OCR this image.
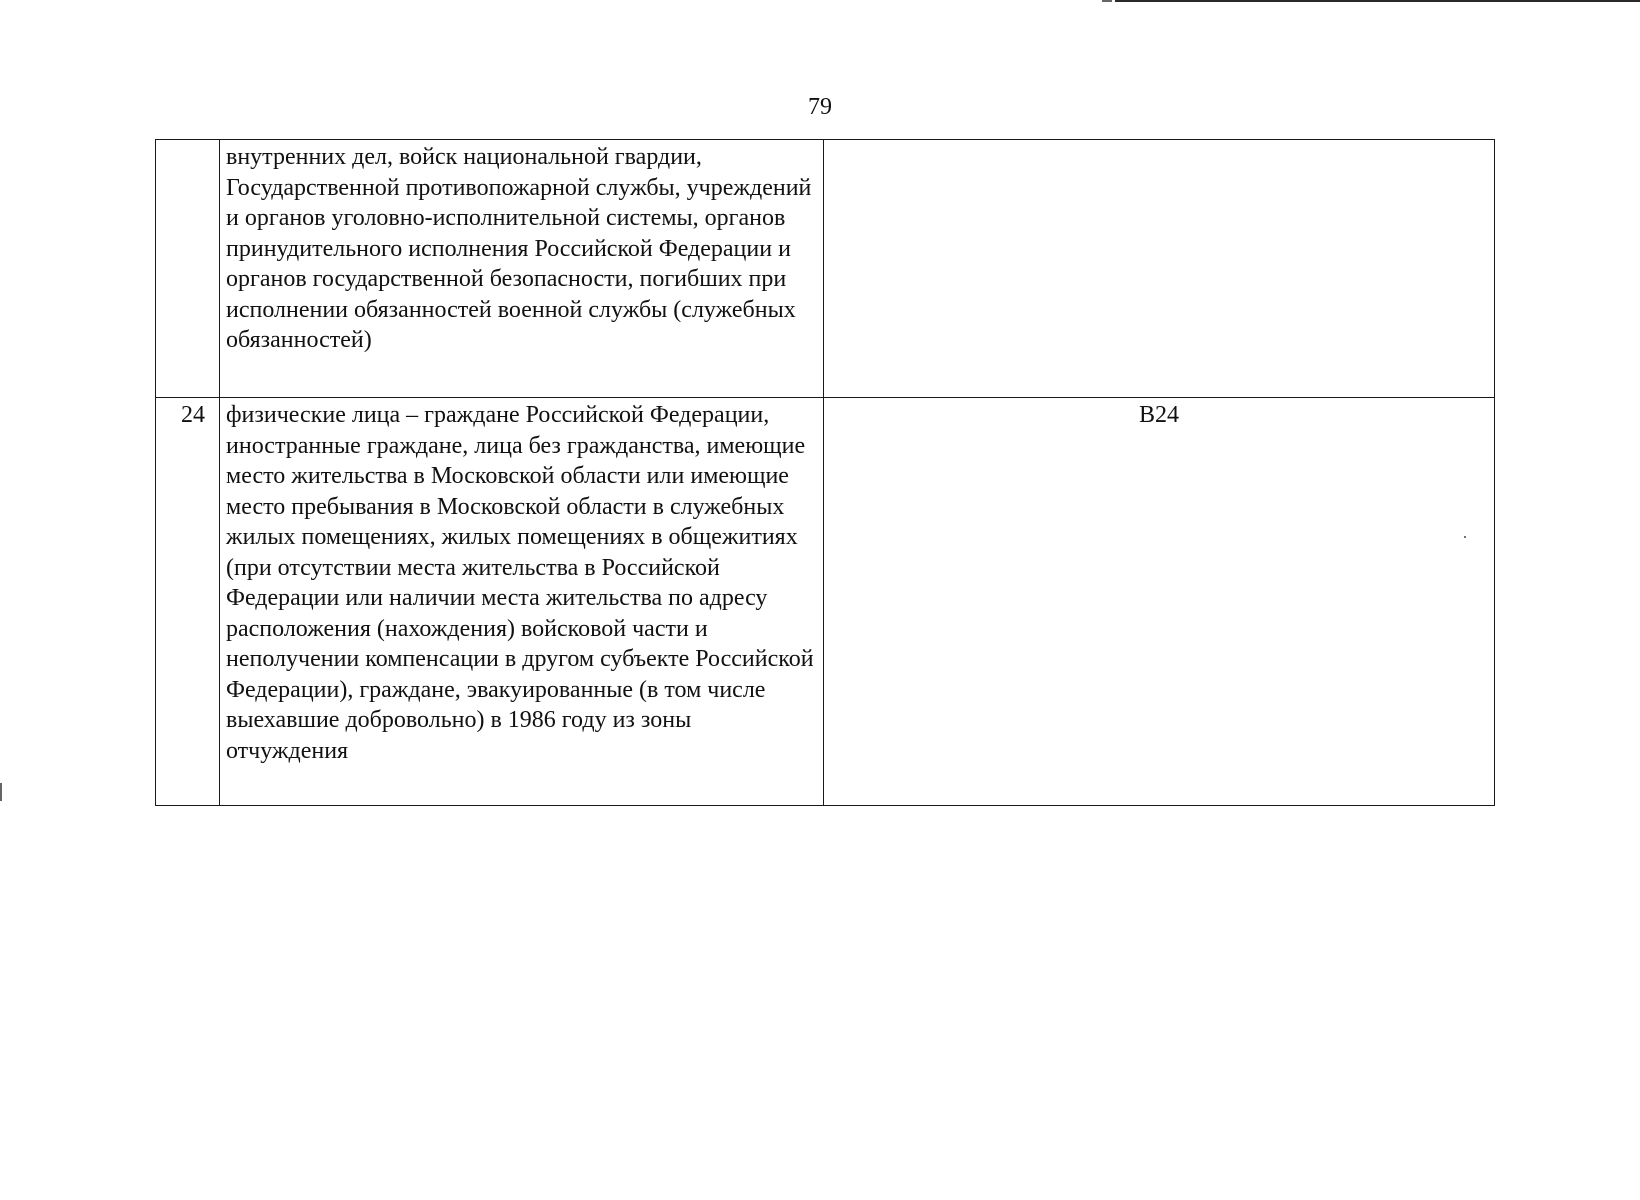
79
	внутренних дел, войск национальной гвардии, Государственной противопожарной службы, учреждений и органов уголовно-исполнительной системы, органов принудительного исполнения Российской Федерации и органов государственной безопасности, погибших при исполнении обязанностей военной службы (служебных обязанностей)	
24	физические лица – граждане Российской Федерации, иностранные граждане, лица без гражданства, имеющие место жительства в Московской области или имеющие место пребывания в Московской области в служебных жилых помещениях, жилых помещениях в общежитиях (при отсутствии места жительства в Российской Федерации или наличии места жительства по адресу расположения (нахождения) войсковой части и неполучении компенсации в другом субъекте Российской Федерации), граждане, эвакуированные (в том числе выехавшие добровольно) в 1986 году из зоны отчуждения	В24
